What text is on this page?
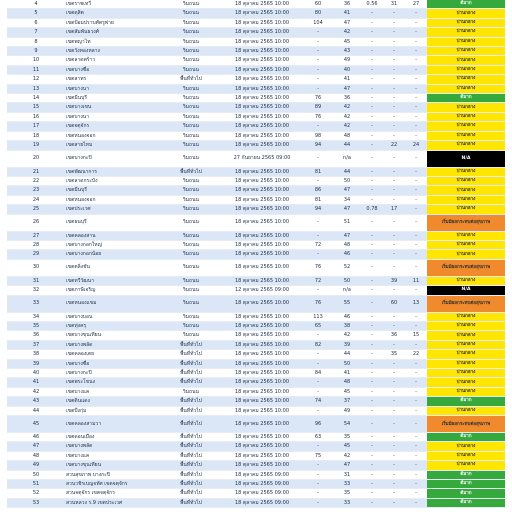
4	เขตราชเทวี	ริมถนน	18 ตุลาคม 2565 10:00	60	36	0.56	31	27	ดีมาก
5	เขตดุสิต	ริมถนน	18 ตุลาคม 2565 10:00	80	41	-	-	-	ปานกลาง
6	เขตป้อมปราบศัตรูพ่าย	ริมถนน	18 ตุลาคม 2565 10:00	104	47	-	-	-	ปานกลาง
7	เขตสัมพันธวงศ์	ริมถนน	18 ตุลาคม 2565 10:00	-	42	-	-	-	ปานกลาง
8	เขตพญาไท	ริมถนน	18 ตุลาคม 2565 10:00	-	45	-	-	-	ปานกลาง
9	เขตวังทองหลาง	ริมถนน	18 ตุลาคม 2565 10:00	-	43	-	-	-	ปานกลาง
10	เขตลาดพร้าว	ริมถนน	18 ตุลาคม 2565 10:00	-	49	-	-	-	ปานกลาง
11	เขตบางซื่อ	ริมถนน	18 ตุลาคม 2565 10:00	-	40	-	-	-	ปานกลาง
12	เขตสาทร	พื้นที่ทั่วไป	18 ตุลาคม 2565 10:00	-	41	-	-	-	ปานกลาง
13	เขตบางนา	ริมถนน	18 ตุลาคม 2565 10:00	-	47	-	-	-	ปานกลาง
14	เขตมีนบุรี	ริมถนน	18 ตุลาคม 2565 10:00	76	36	-	-	-	ดีมาก
15	เขตบางเขน	ริมถนน	18 ตุลาคม 2565 10:00	89	42	-	-	-	ปานกลาง
16	เขตบางนา	ริมถนน	18 ตุลาคม 2565 10:00	76	42	-	-	-	ปานกลาง
17	เขตจตุจักร	ริมถนน	18 ตุลาคม 2565 10:00	-	42	-	-	-	ปานกลาง
18	เขตหนองจอก	ริมถนน	18 ตุลาคม 2565 10:00	98	48	-	-	-	ปานกลาง
19	เขตสายไหม	ริมถนน	18 ตุลาคม 2565 10:00	94	44	-	22	24	ปานกลาง
20	เขตบางกะปิ	ริมถนน	27 กันยายน 2565 09:00	-	n/a	-	-	-	N/A
21	เขตพัฒนาการ	พื้นที่ทั่วไป	18 ตุลาคม 2565 10:00	81	44	-	-	-	ปานกลาง
22	เขตลาดกระบัง	ริมถนน	18 ตุลาคม 2565 10:00	-	50	-	-	-	ปานกลาง
23	เขตมีนบุรี	ริมถนน	18 ตุลาคม 2565 10:00	86	47	-	-	-	ปานกลาง
24	เขตหนองจอก	ริมถนน	18 ตุลาคม 2565 10:00	81	34	-	-	-	ปานกลาง
25	เขตประเวศ	ริมถนน	18 ตุลาคม 2565 10:00	94	47	0.78	17	-	ปานกลาง
26	เขตธนบุรี	ริมถนน	18 ตุลาคม 2565 10:00	-	51	-	-	-	เริ่มมีผลกระทบต่อสุขภาพ
27	เขตคลองสาน	ริมถนน	18 ตุลาคม 2565 10:00	-	47	-	-	-	ปานกลาง
28	เขตบางกอกใหญ่	ริมถนน	18 ตุลาคม 2565 10:00	72	48	-	-	-	ปานกลาง
29	เขตบางกอกน้อย	ริมถนน	18 ตุลาคม 2565 10:00	-	46	-	-	-	ปานกลาง
30	เขตตลิ่งชัน	ริมถนน	18 ตุลาคม 2565 10:00	76	52	-	-	-	เริ่มมีผลกระทบต่อสุขภาพ
31	เขตทวีวัฒนา	ริมถนน	18 ตุลาคม 2565 10:00	72	50	-	39	11	ปานกลาง
32	เขตภาษีเจริญ	ริมถนน	12 ตุลาคม 2565 09:00	-	n/a	-	-	-	N/A
33	เขตหนองแขม	ริมถนน	18 ตุลาคม 2565 10:00	76	55	-	60	13	เริ่มมีผลกระทบต่อสุขภาพ
34	เขตบางบอน	ริมถนน	18 ตุลาคม 2565 10:00	113	46	-	-	-	ปานกลาง
35	เขตทุ่งครุ	ริมถนน	18 ตุลาคม 2565 10:00	65	38	-	-	-	ปานกลาง
36	เขตบางขุนเทียน	ริมถนน	18 ตุลาคม 2565 10:00	-	42	-	36	15	ปานกลาง
37	เขตบางพลัด	พื้นที่ทั่วไป	18 ตุลาคม 2565 10:00	82	39	-	-	-	ปานกลาง
38	เขตคลองเตย	พื้นที่ทั่วไป	18 ตุลาคม 2565 10:00	-	44	-	35	22	ปานกลาง
39	เขตบางซื่อ	พื้นที่ทั่วไป	18 ตุลาคม 2565 10:00	-	50	-	-	-	ปานกลาง
40	เขตบางกะปิ	พื้นที่ทั่วไป	18 ตุลาคม 2565 10:00	84	41	-	-	-	ปานกลาง
41	เขตพระโขนง	พื้นที่ทั่วไป	18 ตุลาคม 2565 10:00	-	48	-	-	-	ปานกลาง
42	เขตบางแค	ริมถนน	18 ตุลาคม 2565 10:00	-	45	-	-	-	ปานกลาง
43	เขตดินแดง	พื้นที่ทั่วไป	18 ตุลาคม 2565 10:00	74	37	-	-	-	ดีมาก
44	เขตบึงกุ่ม	พื้นที่ทั่วไป	18 ตุลาคม 2565 10:00	-	49	-	-	-	ปานกลาง
45	เขตคลองสามวา	พื้นที่ทั่วไป	18 ตุลาคม 2565 10:00	96	54	-	-	-	เริ่มมีผลกระทบต่อสุขภาพ
46	เขตดอนเมือง	พื้นที่ทั่วไป	18 ตุลาคม 2565 10:00	63	35	-	-	-	ดีมาก
47	เขตบางพลัด	พื้นที่ทั่วไป	18 ตุลาคม 2565 10:00	-	45	-	-	-	ปานกลาง
48	เขตบางแค	พื้นที่ทั่วไป	18 ตุลาคม 2565 10:00	75	42	-	-	-	ปานกลาง
49	เขตบางขุนเทียน	พื้นที่ทั่วไป	18 ตุลาคม 2565 10:00	-	47	-	-	-	ปานกลาง
50	สวนสุขภาพ บางกะปิ	พื้นที่ทั่วไป	18 ตุลาคม 2565 09:00	-	31	-	-	-	ดีมาก
51	สวนวชิรเบญจทัศ เขตจตุจักร	พื้นที่ทั่วไป	18 ตุลาคม 2565 09:00	-	33	-	-	-	ดีมาก
52	สวนจตุจักร เขตจตุจักร	พื้นที่ทั่วไป	18 ตุลาคม 2565 09:00	-	35	-	-	-	ดีมาก
53	สวนหลวง ร.9 เขตประเวศ	พื้นที่ทั่วไป	18 ตุลาคม 2565 09:00	-	33	-	-	-	ดีมาก
